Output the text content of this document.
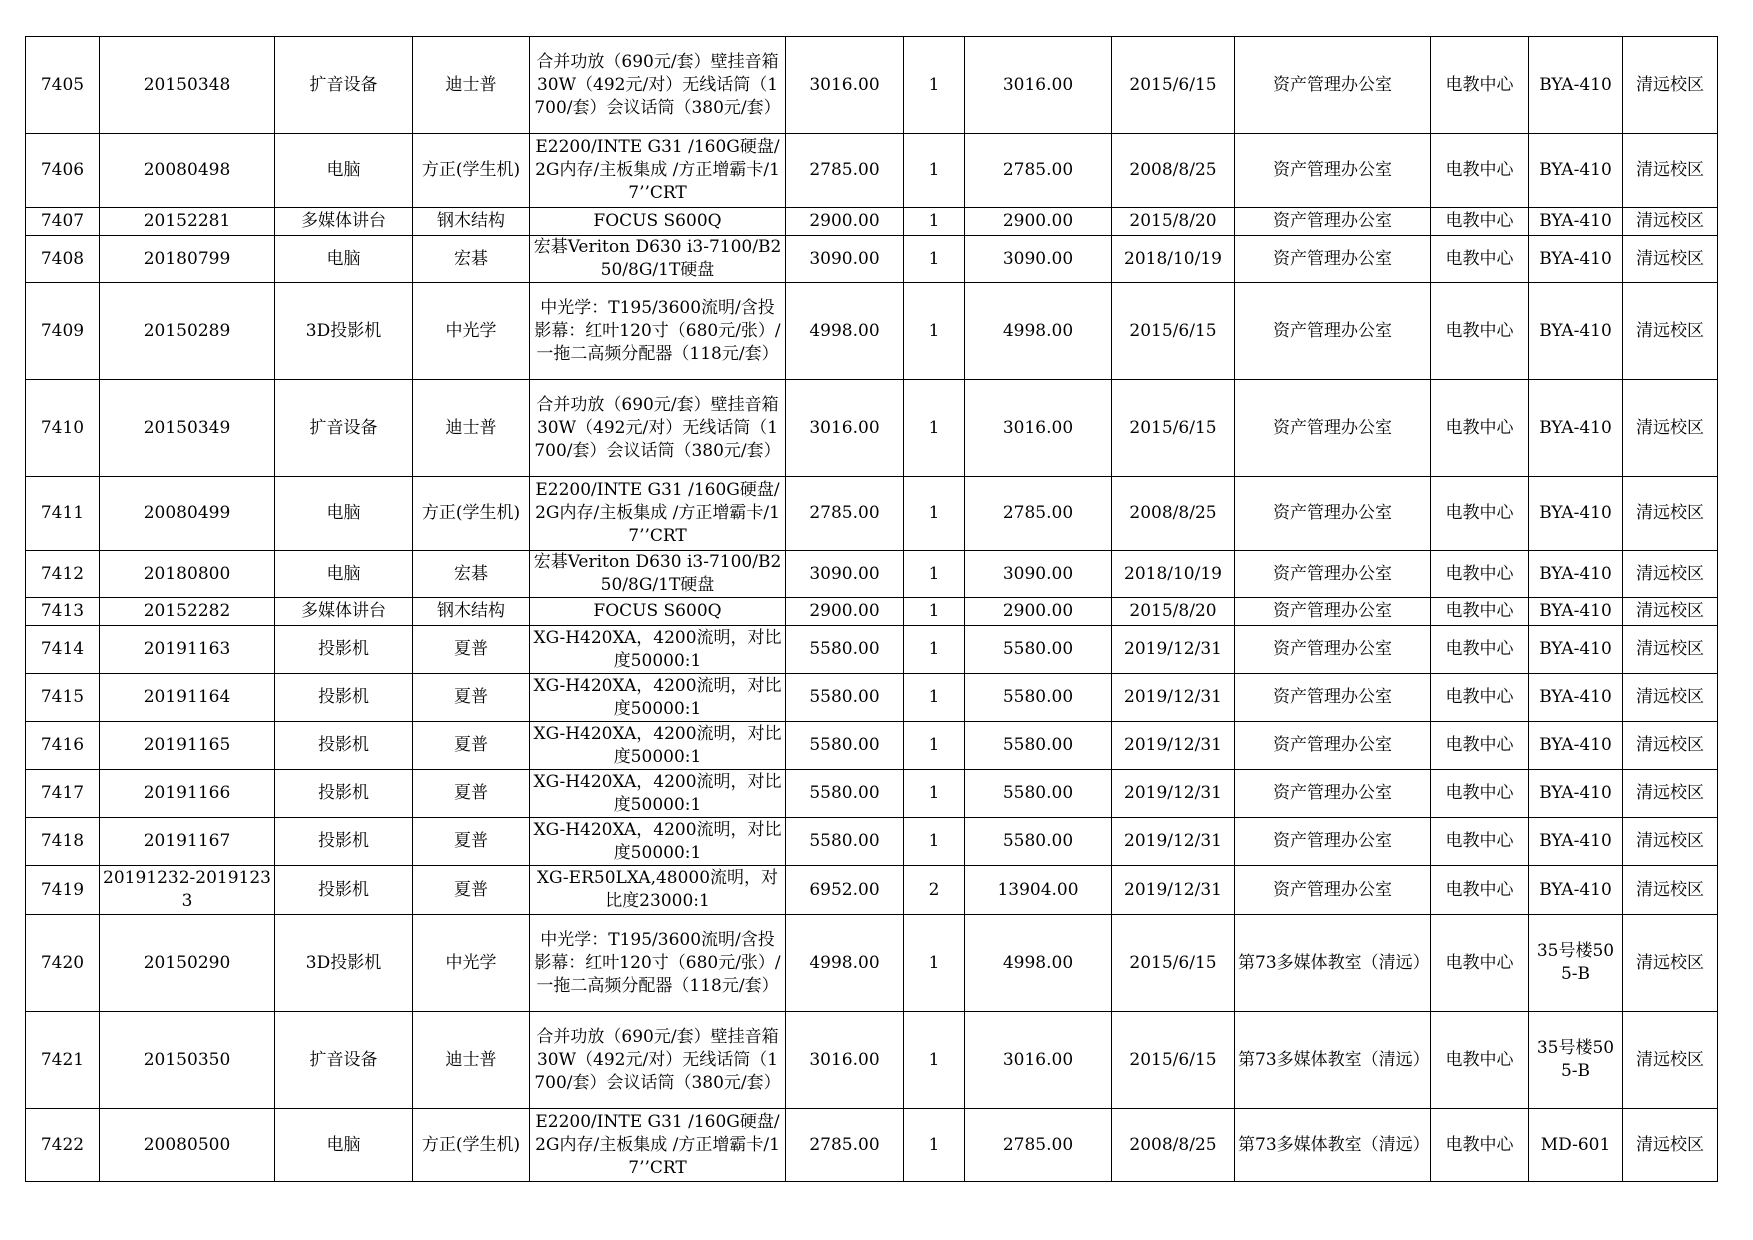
7405	20150348	扩音设备	迪士普	合并功放（690元/套）壁挂音箱30W（492元/对）无线话筒（1700/套）会议话筒（380元/套）	3016.00	1	3016.00	2015/6/15	资产管理办公室	电教中心	BYA-410	清远校区
7406	20080498	电脑	方正(学生机)	E2200/INTE G31 /160G硬盘/2G内存/主板集成 /方正增霸卡/17’’CRT	2785.00	1	2785.00	2008/8/25	资产管理办公室	电教中心	BYA-410	清远校区
7407	20152281	多媒体讲台	钢木结构	FOCUS S600Q	2900.00	1	2900.00	2015/8/20	资产管理办公室	电教中心	BYA-410	清远校区
7408	20180799	电脑	宏碁	宏碁Veriton D630 i3-7100/B250/8G/1T硬盘	3090.00	1	3090.00	2018/10/19	资产管理办公室	电教中心	BYA-410	清远校区
7409	20150289	3D投影机	中光学	中光学：T195/3600流明/含投影幕：红叶120寸（680元/张）/一拖二高频分配器（118元/套）	4998.00	1	4998.00	2015/6/15	资产管理办公室	电教中心	BYA-410	清远校区
7410	20150349	扩音设备	迪士普	合并功放（690元/套）壁挂音箱30W（492元/对）无线话筒（1700/套）会议话筒（380元/套）	3016.00	1	3016.00	2015/6/15	资产管理办公室	电教中心	BYA-410	清远校区
7411	20080499	电脑	方正(学生机)	E2200/INTE G31 /160G硬盘/2G内存/主板集成 /方正增霸卡/17’’CRT	2785.00	1	2785.00	2008/8/25	资产管理办公室	电教中心	BYA-410	清远校区
7412	20180800	电脑	宏碁	宏碁Veriton D630 i3-7100/B250/8G/1T硬盘	3090.00	1	3090.00	2018/10/19	资产管理办公室	电教中心	BYA-410	清远校区
7413	20152282	多媒体讲台	钢木结构	FOCUS S600Q	2900.00	1	2900.00	2015/8/20	资产管理办公室	电教中心	BYA-410	清远校区
7414	20191163	投影机	夏普	XG-H420XA，4200流明，对比度50000:1	5580.00	1	5580.00	2019/12/31	资产管理办公室	电教中心	BYA-410	清远校区
7415	20191164	投影机	夏普	XG-H420XA，4200流明，对比度50000:1	5580.00	1	5580.00	2019/12/31	资产管理办公室	电教中心	BYA-410	清远校区
7416	20191165	投影机	夏普	XG-H420XA，4200流明，对比度50000:1	5580.00	1	5580.00	2019/12/31	资产管理办公室	电教中心	BYA-410	清远校区
7417	20191166	投影机	夏普	XG-H420XA，4200流明，对比度50000:1	5580.00	1	5580.00	2019/12/31	资产管理办公室	电教中心	BYA-410	清远校区
7418	20191167	投影机	夏普	XG-H420XA，4200流明，对比度50000:1	5580.00	1	5580.00	2019/12/31	资产管理办公室	电教中心	BYA-410	清远校区
7419	20191232-20191233	投影机	夏普	XG-ER50LXA,48000流明，对比度23000:1	6952.00	2	13904.00	2019/12/31	资产管理办公室	电教中心	BYA-410	清远校区
7420	20150290	3D投影机	中光学	中光学：T195/3600流明/含投影幕：红叶120寸（680元/张）/一拖二高频分配器（118元/套）	4998.00	1	4998.00	2015/6/15	第73多媒体教室（清远）	电教中心	35号楼505-B	清远校区
7421	20150350	扩音设备	迪士普	合并功放（690元/套）壁挂音箱30W（492元/对）无线话筒（1700/套）会议话筒（380元/套）	3016.00	1	3016.00	2015/6/15	第73多媒体教室（清远）	电教中心	35号楼505-B	清远校区
7422	20080500	电脑	方正(学生机)	E2200/INTE G31 /160G硬盘/2G内存/主板集成 /方正增霸卡/17’’CRT	2785.00	1	2785.00	2008/8/25	第73多媒体教室（清远）	电教中心	MD-601	清远校区
